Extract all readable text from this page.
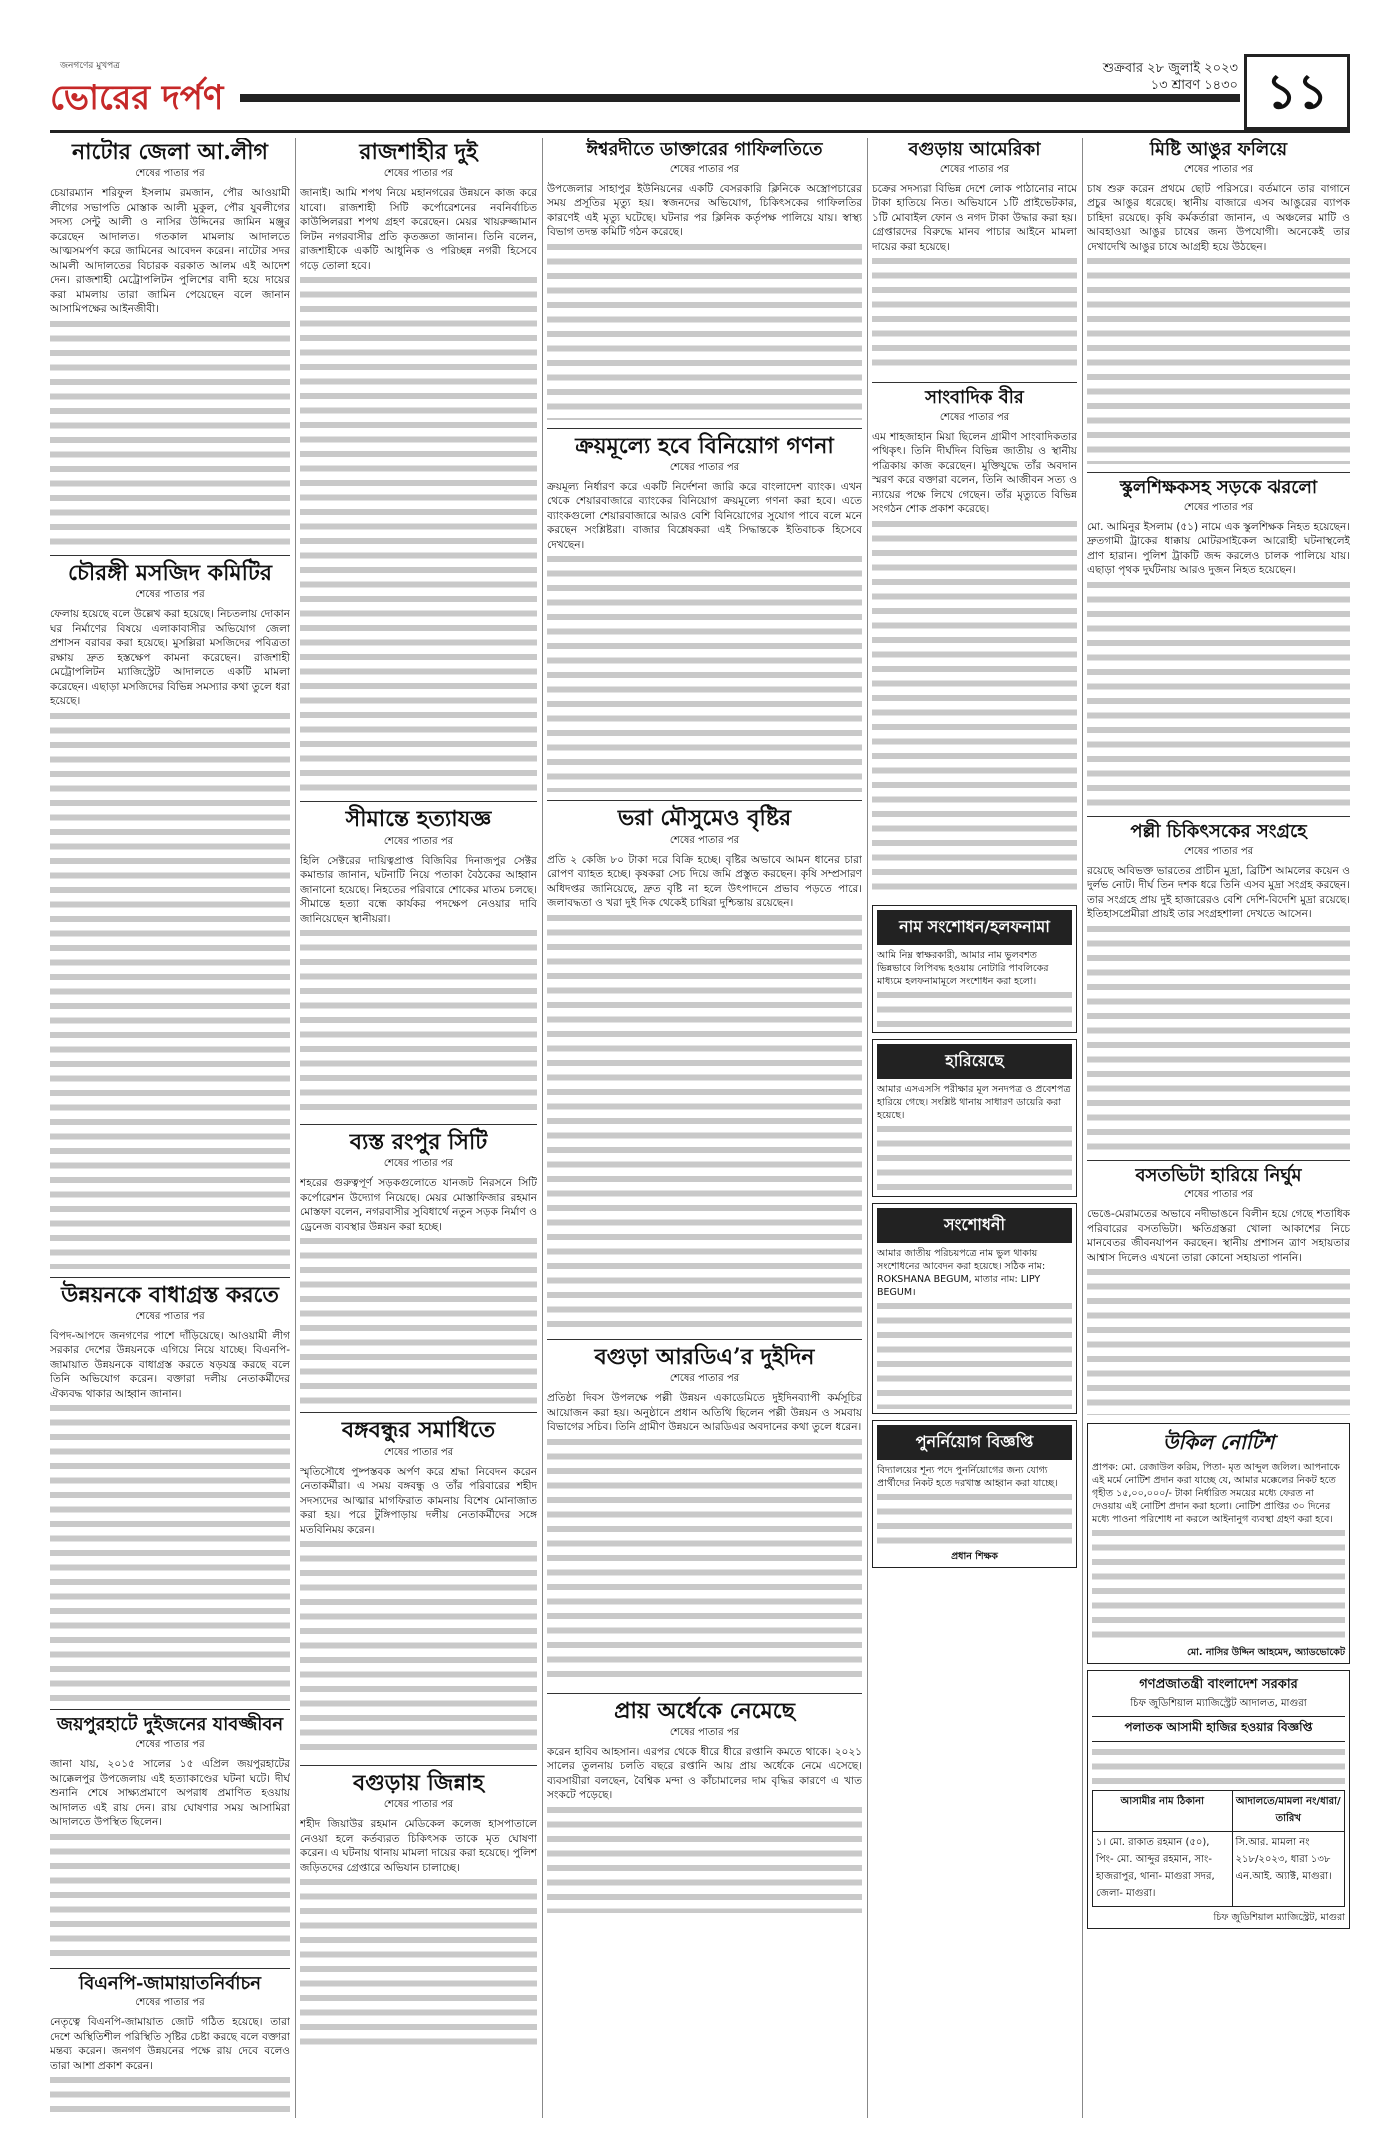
জনগণের মুখপত্র
ভোরের দর্পণ
শুক্রবার ২৮ জুলাই ২০২৩
১৩ শ্রাবণ ১৪৩০ ১১
নাটোর জেলা আ.লীগ
শেষের পাতার পর

চেয়ারম্যান শরিফুল ইসলাম রমজান, পৌর আওয়ামী লীগের সভাপতি মোস্তাক আলী মুকুল, পৌর যুবলীগের সদস্য সেন্টু আলী ও নাসির উদ্দিনের জামিন মঞ্জুর করেছেন আদালত। গতকাল মামলায় আদালতে আত্মসমর্পণ করে জামিনের আবেদন করেন। নাটোর সদর আমলী আদালতের বিচারক বরকাত আলম এই আদেশ দেন। রাজশাহী মেট্রোপলিটন পুলিশের বাদী হয়ে দায়ের করা মামলায় তারা জামিন পেয়েছেন বলে জানান আসামিপক্ষের আইনজীবী।

চৌরঙ্গী মসজিদ কমিটির
শেষের পাতার পর

ফেলায় হয়েছে বলে উল্লেখ করা হয়েছে। নিচতলায় দোকান ঘর নির্মাণের বিষয়ে এলাকাবাসীর অভিযোগ জেলা প্রশাসন বরাবর করা হয়েছে। মুসল্লিরা মসজিদের পবিত্রতা রক্ষায় দ্রুত হস্তক্ষেপ কামনা করেছেন। রাজশাহী মেট্রোপলিটন ম্যাজিস্ট্রেট আদালতে একটি মামলা করেছেন। এছাড়া মসজিদের বিভিন্ন সমস্যার কথা তুলে ধরা হয়েছে।

উন্নয়নকে বাধাগ্রস্ত করতে
শেষের পাতার পর

বিপদ-আপদে জনগণের পাশে দাঁড়িয়েছে। আওয়ামী লীগ সরকার দেশের উন্নয়নকে এগিয়ে নিয়ে যাচ্ছে। বিএনপি-জামায়াত উন্নয়নকে বাধাগ্রস্ত করতে ষড়যন্ত্র করছে বলে তিনি অভিযোগ করেন। বক্তারা দলীয় নেতাকর্মীদের ঐক্যবদ্ধ থাকার আহ্বান জানান।

জয়পুরহাটে দুইজনের যাবজ্জীবন
শেষের পাতার পর

জানা যায়, ২০১৫ সালের ১৫ এপ্রিল জয়পুরহাটের আক্কেলপুর উপজেলায় এই হত্যাকাণ্ডের ঘটনা ঘটে। দীর্ঘ শুনানি শেষে সাক্ষ্যপ্রমাণে অপরাধ প্রমাণিত হওয়ায় আদালত এই রায় দেন। রায় ঘোষণার সময় আসামিরা আদালতে উপস্থিত ছিলেন।

বিএনপি-জামায়াতনির্বাচন
শেষের পাতার পর

নেতৃত্বে বিএনপি-জামায়াত জোট গঠিত হয়েছে। তারা দেশে অস্থিতিশীল পরিস্থিতি সৃষ্টির চেষ্টা করছে বলে বক্তারা মন্তব্য করেন। জনগণ উন্নয়নের পক্ষে রায় দেবে বলেও তারা আশা প্রকাশ করেন।

রাজশাহীর দুই
শেষের পাতার পর

জানাই। আমি শপথ নিয়ে মহানগরের উন্নয়নে কাজ করে যাবো। রাজশাহী সিটি কর্পোরেশনের নবনির্বাচিত কাউন্সিলররা শপথ গ্রহণ করেছেন। মেয়র খায়রুজ্জামান লিটন নগরবাসীর প্রতি কৃতজ্ঞতা জানান। তিনি বলেন, রাজশাহীকে একটি আধুনিক ও পরিচ্ছন্ন নগরী হিসেবে গড়ে তোলা হবে।

সীমান্তে হত্যাযজ্ঞ
শেষের পাতার পর

হিলি সেক্টরের দায়িত্বপ্রাপ্ত বিজিবির দিনাজপুর সেক্টর কমান্ডার জানান, ঘটনাটি নিয়ে পতাকা বৈঠকের আহ্বান জানানো হয়েছে। নিহতের পরিবারে শোকের মাতম চলছে। সীমান্তে হত্যা বন্ধে কার্যকর পদক্ষেপ নেওয়ার দাবি জানিয়েছেন স্থানীয়রা।

ব্যস্ত রংপুর সিটি
শেষের পাতার পর

শহরের গুরুত্বপূর্ণ সড়কগুলোতে যানজট নিরসনে সিটি কর্পোরেশন উদ্যোগ নিয়েছে। মেয়র মোস্তাফিজার রহমান মোস্তফা বলেন, নগরবাসীর সুবিধার্থে নতুন সড়ক নির্মাণ ও ড্রেনেজ ব্যবস্থার উন্নয়ন করা হচ্ছে।

বঙ্গবন্ধুর সমাধিতে
শেষের পাতার পর

স্মৃতিসৌধে পুষ্পস্তবক অর্পণ করে শ্রদ্ধা নিবেদন করেন নেতাকর্মীরা। এ সময় বঙ্গবন্ধু ও তাঁর পরিবারের শহীদ সদস্যদের আত্মার মাগফিরাত কামনায় বিশেষ মোনাজাত করা হয়। পরে টুঙ্গিপাড়ায় দলীয় নেতাকর্মীদের সঙ্গে মতবিনিময় করেন।

বগুড়ায় জিন্নাহ
শেষের পাতার পর

শহীদ জিয়াউর রহমান মেডিকেল কলেজ হাসপাতালে নেওয়া হলে কর্তব্যরত চিকিৎসক তাকে মৃত ঘোষণা করেন। এ ঘটনায় থানায় মামলা দায়ের করা হয়েছে। পুলিশ জড়িতদের গ্রেপ্তারে অভিযান চালাচ্ছে।

ঈশ্বরদীতে ডাক্তারের গাফিলতিতে
শেষের পাতার পর

উপজেলার সাহাপুর ইউনিয়নের একটি বেসরকারি ক্লিনিকে অস্ত্রোপচারের সময় প্রসূতির মৃত্যু হয়। স্বজনদের অভিযোগ, চিকিৎসকের গাফিলতির কারণেই এই মৃত্যু ঘটেছে। ঘটনার পর ক্লিনিক কর্তৃপক্ষ পালিয়ে যায়। স্বাস্থ্য বিভাগ তদন্ত কমিটি গঠন করেছে।

ক্রয়মূল্যে হবে বিনিয়োগ গণনা
শেষের পাতার পর

ক্রয়মূল্য নির্ধারণ করে একটি নির্দেশনা জারি করে বাংলাদেশ ব্যাংক। এখন থেকে শেয়ারবাজারে ব্যাংকের বিনিয়োগ ক্রয়মূল্যে গণনা করা হবে। এতে ব্যাংকগুলো শেয়ারবাজারে আরও বেশি বিনিয়োগের সুযোগ পাবে বলে মনে করছেন সংশ্লিষ্টরা। বাজার বিশ্লেষকরা এই সিদ্ধান্তকে ইতিবাচক হিসেবে দেখছেন।

ভরা মৌসুমেও বৃষ্টির
শেষের পাতার পর

প্রতি ২ কেজি ৮০ টাকা দরে বিক্রি হচ্ছে। বৃষ্টির অভাবে আমন ধানের চারা রোপণ ব্যাহত হচ্ছে। কৃষকরা সেচ দিয়ে জমি প্রস্তুত করছেন। কৃষি সম্প্রসারণ অধিদপ্তর জানিয়েছে, দ্রুত বৃষ্টি না হলে উৎপাদনে প্রভাব পড়তে পারে। জলাবদ্ধতা ও খরা দুই দিক থেকেই চাষিরা দুশ্চিন্তায় রয়েছেন।

বগুড়া আরডিএ’র দুইদিন
শেষের পাতার পর

প্রতিষ্ঠা দিবস উপলক্ষে পল্লী উন্নয়ন একাডেমিতে দুইদিনব্যাপী কর্মসূচির আয়োজন করা হয়। অনুষ্ঠানে প্রধান অতিথি ছিলেন পল্লী উন্নয়ন ও সমবায় বিভাগের সচিব। তিনি গ্রামীণ উন্নয়নে আরডিএর অবদানের কথা তুলে ধরেন।

প্রায় অর্ধেকে নেমেছে
শেষের পাতার পর

করেন হাবিব আহসান। এরপর থেকে ধীরে ধীরে রপ্তানি কমতে থাকে। ২০২১ সালের তুলনায় চলতি বছরে রপ্তানি আয় প্রায় অর্ধেকে নেমে এসেছে। ব্যবসায়ীরা বলছেন, বৈশ্বিক মন্দা ও কাঁচামালের দাম বৃদ্ধির কারণে এ খাত সংকটে পড়েছে।

বগুড়ায় আমেরিকা
শেষের পাতার পর

চক্রের সদস্যরা বিভিন্ন দেশে লোক পাঠানোর নামে টাকা হাতিয়ে নিত। অভিযানে ১টি প্রাইভেটকার, ১টি মোবাইল ফোন ও নগদ টাকা উদ্ধার করা হয়। গ্রেপ্তারদের বিরুদ্ধে মানব পাচার আইনে মামলা দায়ের করা হয়েছে।

সাংবাদিক বীর
শেষের পাতার পর

এম শাহজাহান মিয়া ছিলেন গ্রামীণ সাংবাদিকতার পথিকৃৎ। তিনি দীর্ঘদিন বিভিন্ন জাতীয় ও স্থানীয় পত্রিকায় কাজ করেছেন। মুক্তিযুদ্ধে তাঁর অবদান স্মরণ করে বক্তারা বলেন, তিনি আজীবন সত্য ও ন্যায়ের পক্ষে লিখে গেছেন। তাঁর মৃত্যুতে বিভিন্ন সংগঠন শোক প্রকাশ করেছে।

নাম সংশোধন/হলফনামা
আমি নিম্ন স্বাক্ষরকারী, আমার নাম ভুলবশত ভিন্নভাবে লিপিবদ্ধ হওয়ায় নোটারি পাবলিকের মাধ্যমে হলফনামামূলে সংশোধন করা হলো।
হারিয়েছে
আমার এসএসসি পরীক্ষার মূল সনদপত্র ও প্রবেশপত্র হারিয়ে গেছে। সংশ্লিষ্ট থানায় সাধারণ ডায়েরি করা হয়েছে।
সংশোধনী
আমার জাতীয় পরিচয়পত্রে নাম ভুল থাকায় সংশোধনের আবেদন করা হয়েছে। সঠিক নাম: ROKSHANA BEGUM, মাতার নাম: LIPY BEGUM।
পুনর্নিয়োগ বিজ্ঞপ্তি
বিদ্যালয়ের শূন্য পদে পুনর্নিয়োগের জন্য যোগ্য প্রার্থীদের নিকট হতে দরখাস্ত আহ্বান করা যাচ্ছে।
প্রধান শিক্ষক
মিষ্টি আঙুর ফলিয়ে
শেষের পাতার পর

চাষ শুরু করেন প্রথমে ছোট পরিসরে। বর্তমানে তার বাগানে প্রচুর আঙুর ধরেছে। স্থানীয় বাজারে এসব আঙুরের ব্যাপক চাহিদা রয়েছে। কৃষি কর্মকর্তারা জানান, এ অঞ্চলের মাটি ও আবহাওয়া আঙুর চাষের জন্য উপযোগী। অনেকেই তার দেখাদেখি আঙুর চাষে আগ্রহী হয়ে উঠছেন।

স্কুলশিক্ষকসহ সড়কে ঝরলো
শেষের পাতার পর

মো. আমিনুর ইসলাম (৫১) নামে এক স্কুলশিক্ষক নিহত হয়েছেন। দ্রুতগামী ট্রাকের ধাক্কায় মোটরসাইকেল আরোহী ঘটনাস্থলেই প্রাণ হারান। পুলিশ ট্রাকটি জব্দ করলেও চালক পালিয়ে যায়। এছাড়া পৃথক দুর্ঘটনায় আরও দুজন নিহত হয়েছেন।

পল্লী চিকিৎসকের সংগ্রহে
শেষের পাতার পর

রয়েছে অবিভক্ত ভারতের প্রাচীন মুদ্রা, ব্রিটিশ আমলের কয়েন ও দুর্লভ নোট। দীর্ঘ তিন দশক ধরে তিনি এসব মুদ্রা সংগ্রহ করছেন। তার সংগ্রহে প্রায় দুই হাজারেরও বেশি দেশি-বিদেশি মুদ্রা রয়েছে। ইতিহাসপ্রেমীরা প্রায়ই তার সংগ্রহশালা দেখতে আসেন।

বসতভিটা হারিয়ে নির্ঘুম
শেষের পাতার পর

ভেঙে-মেরামতের অভাবে নদীভাঙনে বিলীন হয়ে গেছে শতাধিক পরিবারের বসতভিটা। ক্ষতিগ্রস্তরা খোলা আকাশের নিচে মানবেতর জীবনযাপন করছেন। স্থানীয় প্রশাসন ত্রাণ সহায়তার আশ্বাস দিলেও এখনো তারা কোনো সহায়তা পাননি।

উকিল নোটিশ
প্রাপক: মো. রেজাউল করিম, পিতা- মৃত আব্দুল জলিল। আপনাকে এই মর্মে নোটিশ প্রদান করা যাচ্ছে যে, আমার মক্কেলের নিকট হতে গৃহীত ১৫,০০,০০০/- টাকা নির্ধারিত সময়ের মধ্যে ফেরত না দেওয়ায় এই নোটিশ প্রদান করা হলো। নোটিশ প্রাপ্তির ৩০ দিনের মধ্যে পাওনা পরিশোধ না করলে আইনানুগ ব্যবস্থা গ্রহণ করা হবে।
মো. নাসির উদ্দিন আহমেদ, অ্যাডভোকেট
গণপ্রজাতন্ত্রী বাংলাদেশ সরকার
চিফ জুডিশিয়াল ম্যাজিস্ট্রেট আদালত, মাগুরা
পলাতক আসামী হাজির হওয়ার বিজ্ঞপ্তি
আসামীর নাম ঠিকানা	আদালতে/মামলা নং/ধারা/তারিখ
১। মো. রাকাত রহমান (৫০), পিং- মো. আব্দুর রহমান, সাং- হাজরাপুর, থানা- মাগুরা সদর, জেলা- মাগুরা।	সি.আর. মামলা নং ২১৮/২০২৩, ধারা ১৩৮ এন.আই. অ্যাক্ট, মাগুরা।
চিফ জুডিশিয়াল ম্যাজিস্ট্রেট, মাগুরা
